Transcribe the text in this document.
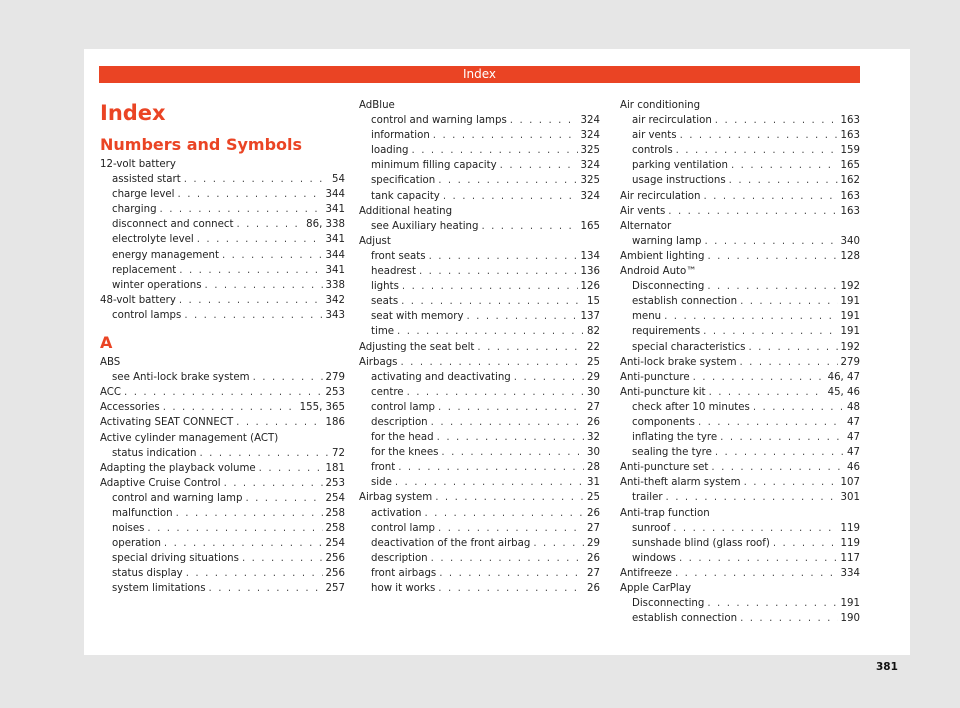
Index
Index
Numbers and Symbols
12-volt battery
assisted start . . .	54
charge level . . .	344
charging . . .	341
disconnect and connect . . .	86, 338
electrolyte level . . .	341
energy management . . .	344
replacement . . .	341
winter operations . . .	338
48-volt battery . . .	342
control lamps . . .	343
A
ABS
see Anti-lock brake system . . .	279
ACC . . .	253
Accessories . . .	155, 365
Activating SEAT CONNECT . . .	186
Active cylinder management (ACT)
status indication . . .	72
Adapting the playback volume . . .	181
Adaptive Cruise Control . . .	253
control and warning lamp . . .	254
malfunction . . .	258
noises . . .	258
operation . . .	254
special driving situations . . .	256
status display . . .	256
system limitations . . .	257
AdBlue
control and warning lamps . . .	324
information . . .	324
loading . . .	325
minimum filling capacity . . .	324
specification . . .	325
tank capacity . . .	324
Additional heating
see Auxiliary heating . . .	165
Adjust
front seats . . .	134
headrest . . .	136
lights . . .	126
seats . . .	15
seat with memory . . .	137
time . . .	82
Adjusting the seat belt . . .	22
Airbags . . .	25
activating and deactivating . . .	29
centre . . .	30
control lamp . . .	27
description . . .	26
for the head . . .	32
for the knees . . .	30
front . . .	28
side . . .	31
Airbag system . . .	25
activation . . .	26
control lamp . . .	27
deactivation of the front airbag . . .	29
description . . .	26
front airbags . . .	27
how it works . . .	26
Air conditioning
air recirculation . . .	163
air vents . . .	163
controls . . .	159
parking ventilation . . .	165
usage instructions . . .	162
Air recirculation . . .	163
Air vents . . .	163
Alternator
warning lamp . . .	340
Ambient lighting . . .	128
Android Auto™
Disconnecting . . .	192
establish connection . . .	191
menu . . .	191
requirements . . .	191
special characteristics . . .	192
Anti-lock brake system . . .	279
Anti-puncture . . .	46, 47
Anti-puncture kit . . .	45, 46
check after 10 minutes . . .	48
components . . .	47
inflating the tyre . . .	47
sealing the tyre . . .	47
Anti-puncture set . . .	46
Anti-theft alarm system . . .	107
trailer . . .	301
Anti-trap function
sunroof . . .	119
sunshade blind (glass roof) . . .	119
windows . . .	117
Antifreeze . . .	334
Apple CarPlay
Disconnecting . . .	191
establish connection . . .	190
381
